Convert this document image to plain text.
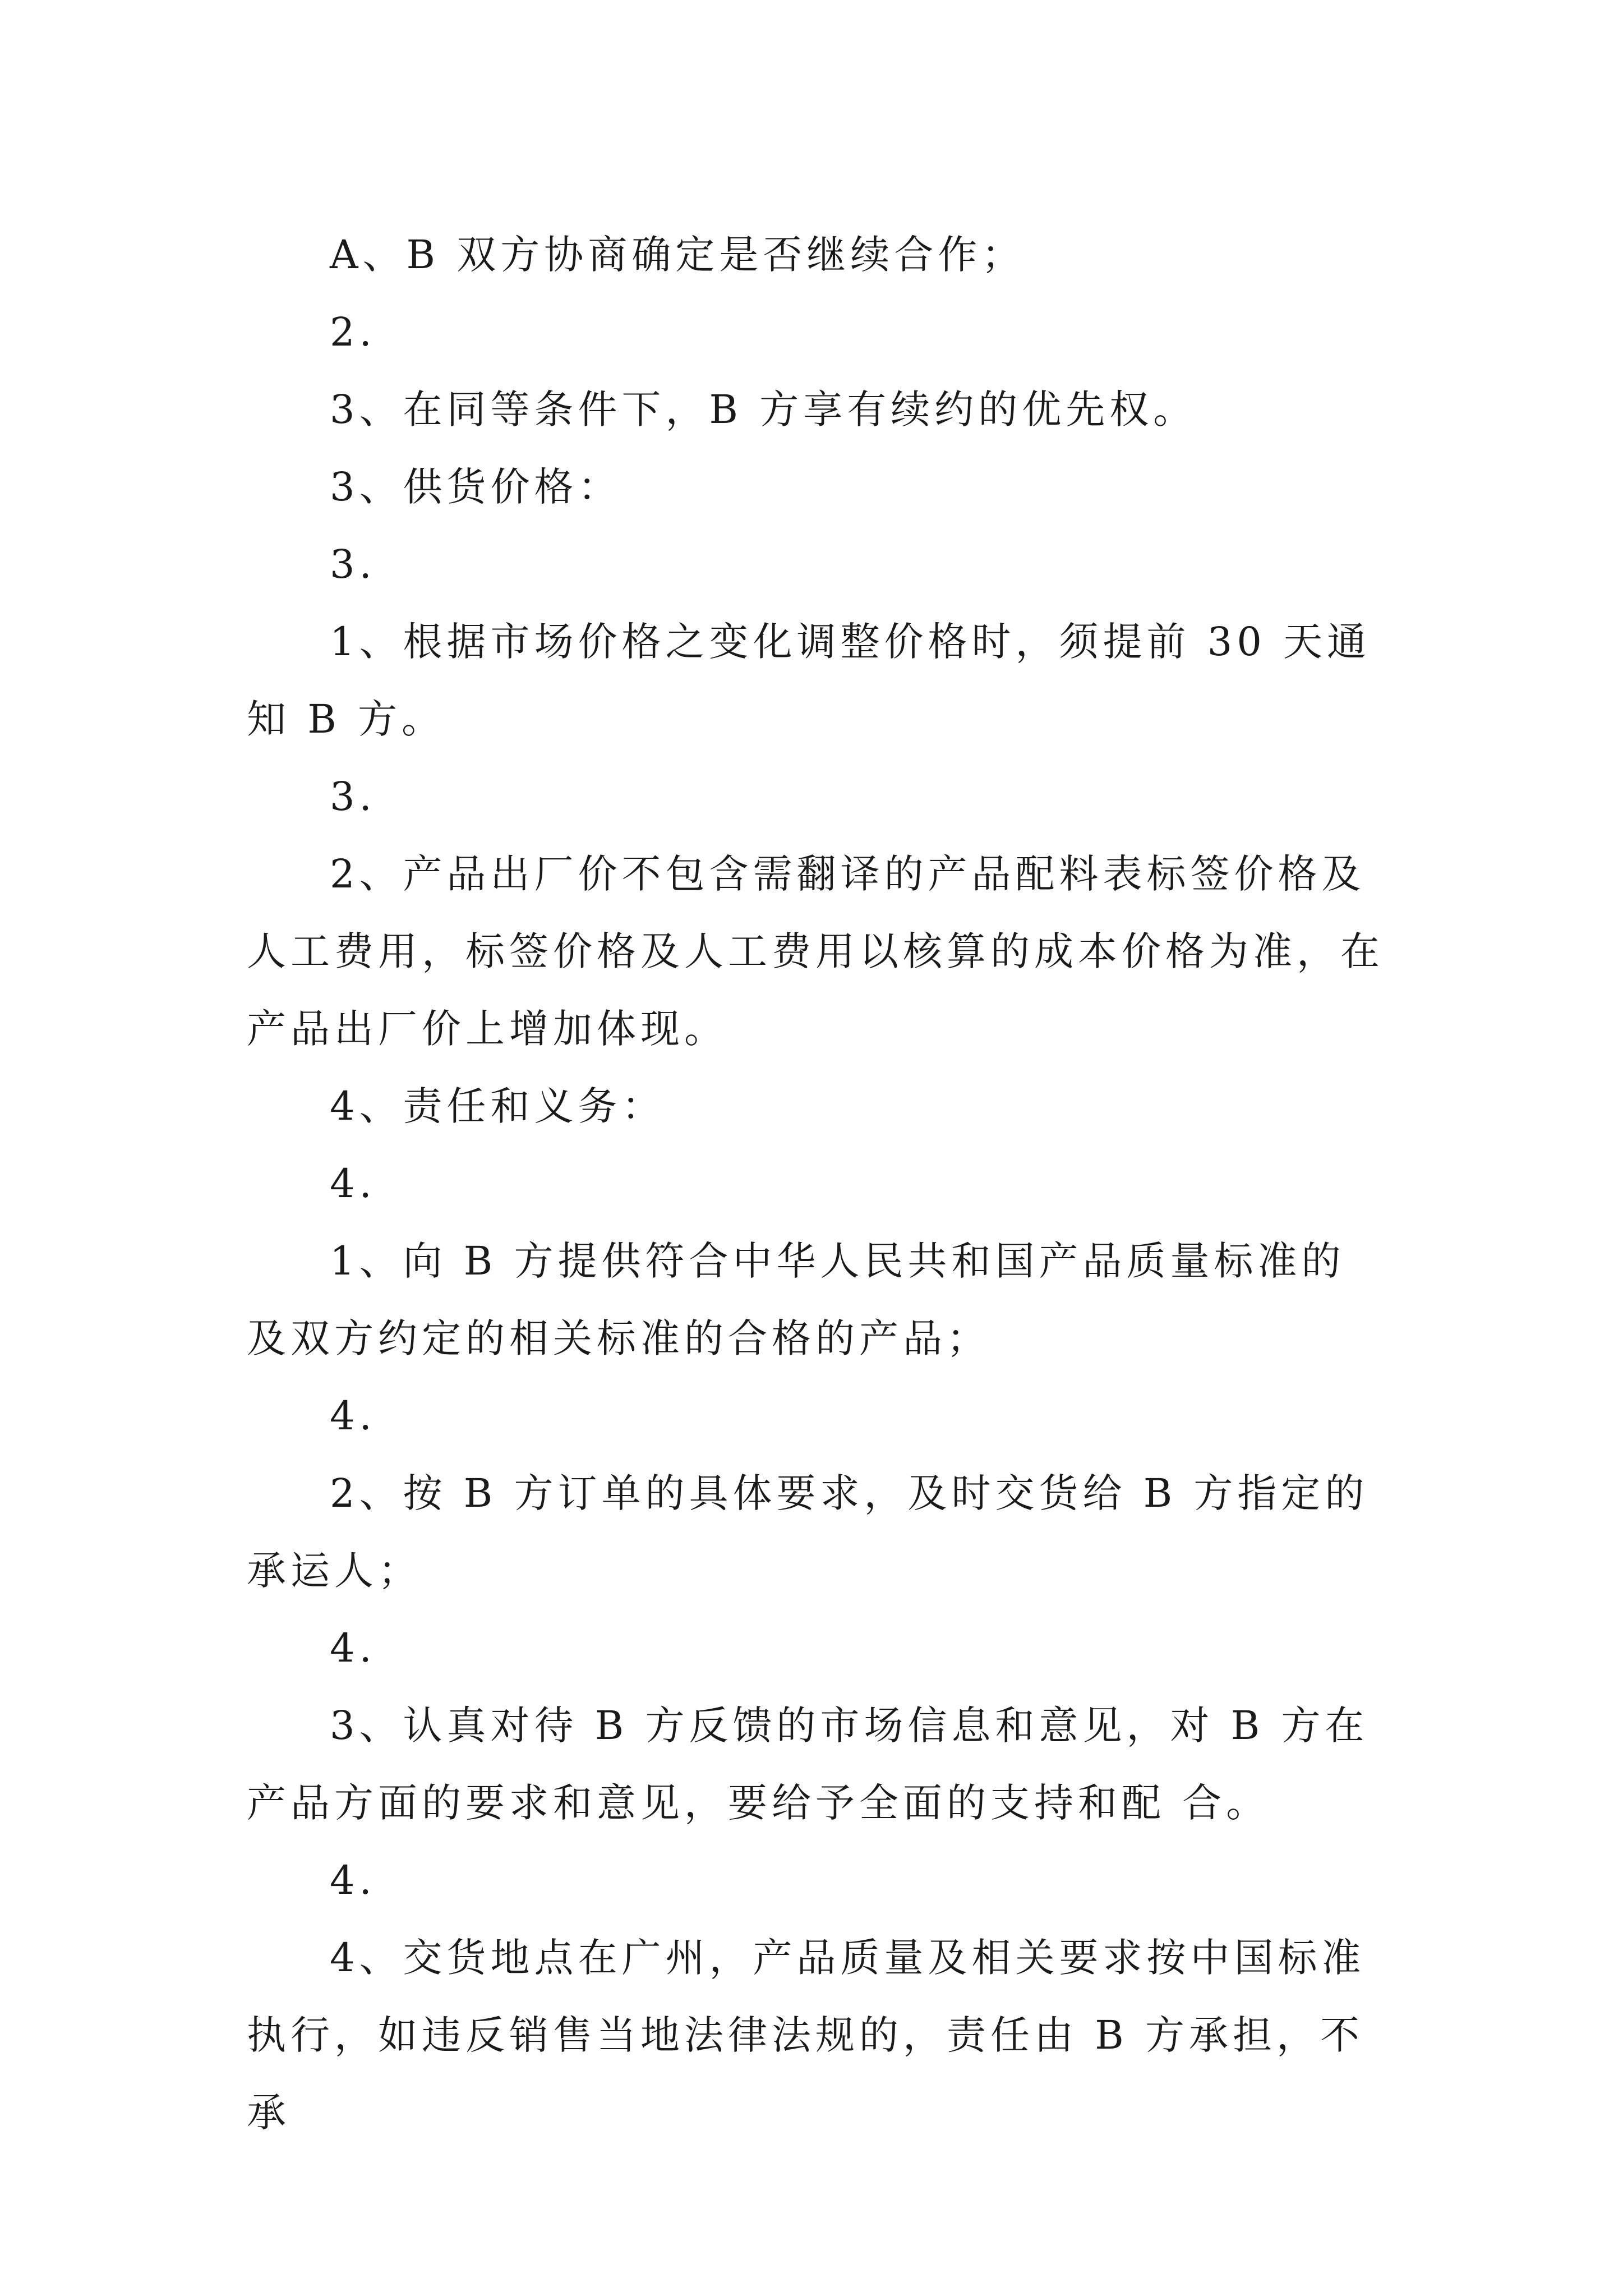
A、B 双方协商确定是否继续合作；

2.

3、在同等条件下，B 方享有续约的优先权。

3、供货价格：

3.

1、根据市场价格之变化调整价格时，须提前 30 天通知 B 方。

3.

2、产品出厂价不包含需翻译的产品配料表标签价格及人工费用，标签价格及人工费用以核算的成本价格为准，在产品出厂价上增加体现。

4、责任和义务：

4.

1、向 B 方提供符合中华人民共和国产品质量标准的及双方约定的相关标准的合格的产品；

4.

2、按 B 方订单的具体要求，及时交货给 B 方指定的承运人；

4.

3、认真对待 B 方反馈的市场信息和意见，对 B 方在产品方面的要求和意见，要给予全面的支持和配 合。

4.

4、交货地点在广州，产品质量及相关要求按中国标准执行，如违反销售当地法律法规的，责任由 B 方承担，不承
